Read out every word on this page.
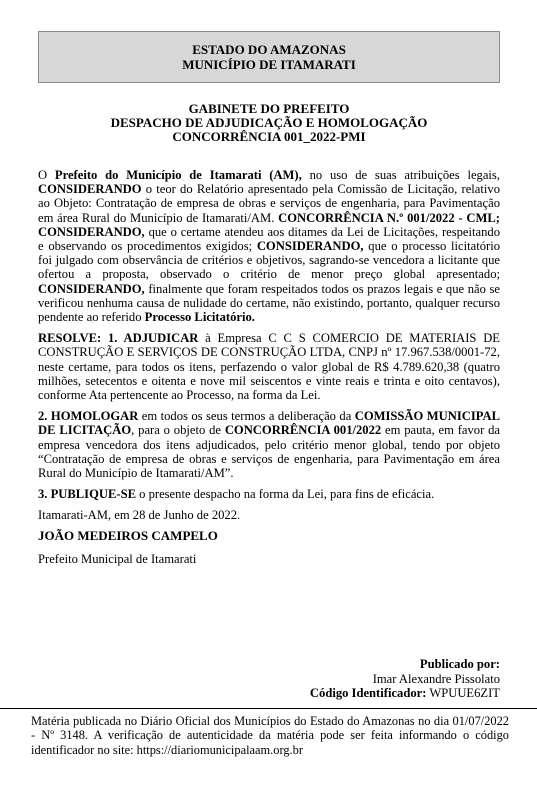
ESTADO DO AMAZONAS
MUNICÍPIO DE ITAMARATI
GABINETE DO PREFEITO
DESPACHO DE ADJUDICAÇÃO E HOMOLOGAÇÃO
CONCORRÊNCIA 001_2022-PMI

O Prefeito do Município de Itamarati (AM), no uso de suas atribuições legais, CONSIDERANDO o teor do Relatório apresentado pela Comissão de Licitação, relativo ao Objeto: Contratação de empresa de obras e serviços de engenharia, para Pavimentação em área Rural do Município de Itamarati/AM. CONCORRÊNCIA N.º 001/2022 - CML; CONSIDERANDO, que o certame atendeu aos ditames da Lei de Licitações, respeitando e observando os procedimentos exigidos; CONSIDERANDO, que o processo licitatório foi julgado com observância de critérios e objetivos, sagrando-se vencedora a licitante que ofertou a proposta, observado o critério de menor preço global apresentado; CONSIDERANDO, finalmente que foram respeitados todos os prazos legais e que não se verificou nenhuma causa de nulidade do certame, não existindo, portanto, qualquer recurso pendente ao referido Processo Licitatório.

RESOLVE: 1. ADJUDICAR à Empresa C C S COMERCIO DE MATERIAIS DE CONSTRUÇÃO E SERVIÇOS DE CONSTRUÇÃO LTDA, CNPJ nº 17.967.538/0001-72, neste certame, para todos os itens, perfazendo o valor global de R$ 4.789.620,38 (quatro milhões, setecentos e oitenta e nove mil seiscentos e vinte reais e trinta e oito centavos), conforme Ata pertencente ao Processo, na forma da Lei.

2. HOMOLOGAR em todos os seus termos a deliberação da COMISSÃO MUNICIPAL DE LICITAÇÃO, para o objeto de CONCORRÊNCIA 001/2022 em pauta, em favor da empresa vencedora dos itens adjudicados, pelo critério menor global, tendo por objeto “Contratação de empresa de obras e serviços de engenharia, para Pavimentação em área Rural do Município de Itamarati/AM”.

3. PUBLIQUE-SE o presente despacho na forma da Lei, para fins de eficácia.

Itamarati-AM, em 28 de Junho de 2022.

JOÃO MEDEIROS CAMPELO

Prefeito Municipal de Itamarati

Publicado por:
Imar Alexandre Pissolato
Código Identificador: WPUUE6ZIT
Matéria publicada no Diário Oficial dos Municípios do Estado do Amazonas no dia 01/07/2022 - Nº 3148. A verificação de autenticidade da matéria pode ser feita informando o código identificador no site: https://diariomunicipalaam.org.br
